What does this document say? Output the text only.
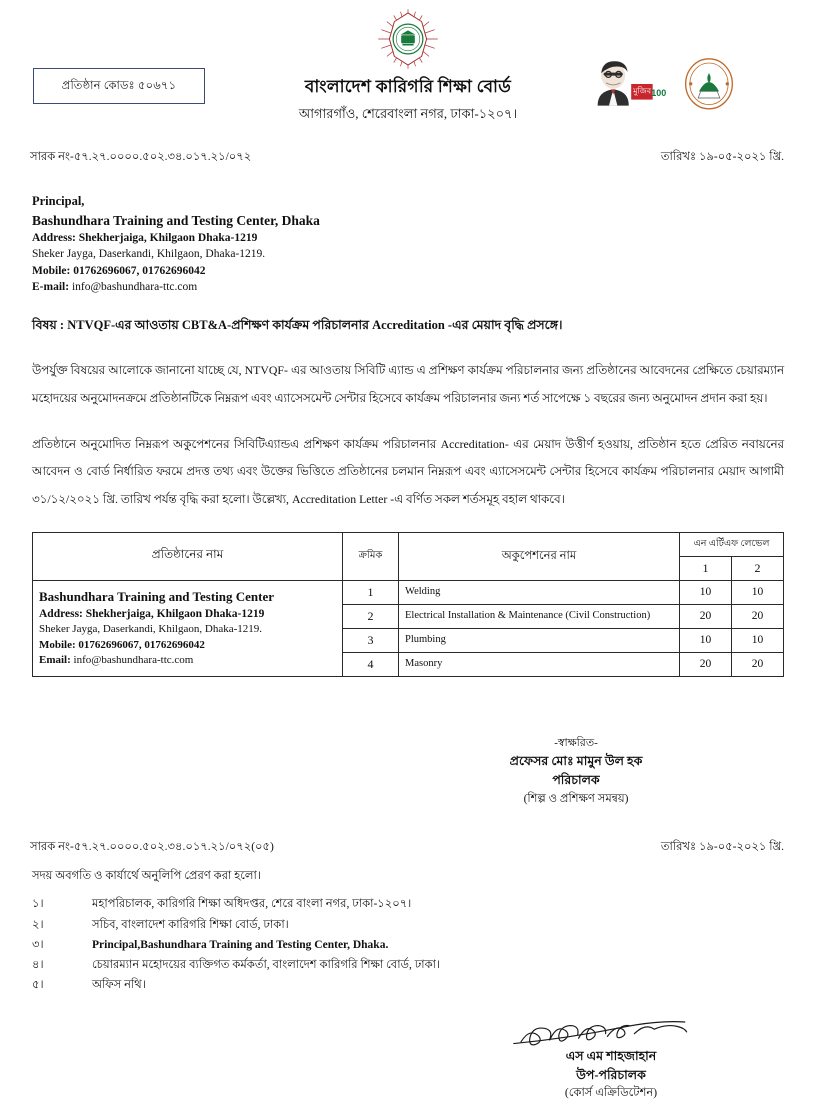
প্রতিষ্ঠান কোডঃ ৫০৬৭১	বাংলাদেশ কারিগরি শিক্ষা বোর্ড
আগারগাঁও, শেরেবাংলা নগর, ঢাকা-১২০৭।
মুজিব 100
সারক নং-৫৭.২৭.০০০০.৫০২.৩৪.০১৭.২১/০৭২	তারিখঃ ১৯-০৫-২০২১ খ্রি.
Principal,
Bashundhara Training and Testing Center, Dhaka
Address: Shekherjaiga, Khilgaon Dhaka-1219
Sheker Jayga, Daserkandi, Khilgaon, Dhaka-1219.
Mobile: 01762696067, 01762696042
E-mail: info@bashundhara-ttc.com
বিষয় : NTVQF-এর আওতায় CBT&A-প্রশিক্ষণ কার্যক্রম পরিচালনার Accreditation -এর মেয়াদ বৃদ্ধি প্রসঙ্গে।
উপর্যুক্ত বিষয়ের আলোকে জানানো যাচ্ছে যে, NTVQF- এর আওতায় সিবিটি এ্যান্ড এ প্রশিক্ষণ কার্যক্রম পরিচালনার জন্য প্রতিষ্ঠানের আবেদনের প্রেক্ষিতে চেয়ারম্যান মহোদয়ের অনুমোদনক্রমে প্রতিষ্ঠানটিকে নিম্নরূপ এবং এ্যাসেসমেন্ট সেন্টার হিসেবে কার্যক্রম পরিচালনার জন্য শর্ত সাপেক্ষে ১ বছরের জন্য অনুমোদন প্রদান করা হয়।
প্রতিষ্ঠানে অনুমোদিত নিম্নরূপ অকুপেশনের সিবিটিএ্যান্ডএ প্রশিক্ষণ কার্যক্রম পরিচালনার Accreditation- এর মেয়াদ উত্তীর্ণ হওয়ায়, প্রতিষ্ঠান হতে প্রেরিত নবায়নের আবেদন ও বোর্ড নির্ধারিত ফরমে প্রদত্ত তথ্য এবং উক্তের ভিত্তিতে প্রতিষ্ঠানের চলমান নিম্নরূপ এবং এ্যাসেসমেন্ট সেন্টার হিসেবে কার্যক্রম পরিচালনার মেয়াদ আগামী ৩১/১২/২০২১ খ্রি. তারিখ পর্যন্ত বৃদ্ধি করা হলো। উল্লেখ্য, Accreditation Letter -এ বর্ণিত সকল শর্তসমূহ বহাল থাকবে।
প্রতিষ্ঠানের নাম	ক্রমিক	অকুপেশনের নাম	এন এর্টিএফ লেভেল	
			1	2

Bashundhara Training and Testing Center
Address: Shekherjaiga, Khilgaon Dhaka-1219
Sheker Jayga, Daserkandi, Khilgaon, Dhaka-1219.
Mobile: 01762696067, 01762696042
Email: info@bashundhara-ttc.com	1	Welding	10	10
	2	Electrical Installation & Maintenance (Civil Construction)	20	20
	3	Plumbing	10	10
	4	Masonry	20	20
-স্বাক্ষরিত-
প্রফেসর মোঃ মামুন উল হক
পরিচালক
(শিল্প ও প্রশিক্ষণ সমন্বয়)
সারক নং-৫৭.২৭.০০০০.৫০২.৩৪.০১৭.২১/০৭২(০৫)	তারিখঃ ১৯-০৫-২০২১ খ্রি.
সদয় অবগতি ও কার্যার্থে অনুলিপি প্রেরণ করা হলো।
১।	মহাপরিচালক, কারিগরি শিক্ষা অধিদপ্তর, শেরে বাংলা নগর, ঢাকা-১২০৭।
২।	সচিব, বাংলাদেশ কারিগরি শিক্ষা বোর্ড, ঢাকা।
৩।	Principal,Bashundhara Training and Testing Center, Dhaka.
৪।	চেয়ারম্যান মহোদয়ের ব্যক্তিগত কর্মকর্তা, বাংলাদেশ কারিগরি শিক্ষা বোর্ড, ঢাকা।
৫।	অফিস নথি।
এস এম শাহজাহান
উপ-পরিচালক
(কোর্স এক্রিডিটেশন)
